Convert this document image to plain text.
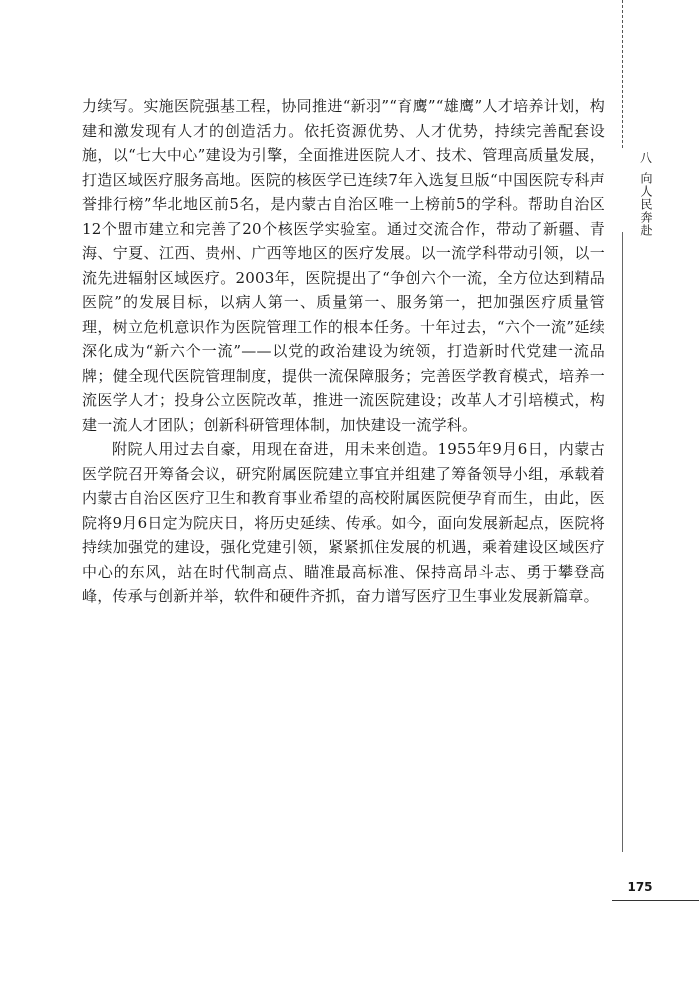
八
向人民奔赴

力续写。实施医院强基工程，协同推进“新羽”“育鹰”“雄鹰”人才培养计划，构建和激发现有人才的创造活力。依托资源优势、人才优势，持续完善配套设施，以“七大中心”建设为引擎，全面推进医院人才、技术、管理高质量发展，打造区域医疗服务高地。医院的核医学已连续7年入选复旦版“中国医院专科声誉排行榜”华北地区前5名，是内蒙古自治区唯一上榜前5的学科。帮助自治区12个盟市建立和完善了20个核医学实验室。通过交流合作，带动了新疆、青海、宁夏、江西、贵州、广西等地区的医疗发展。以一流学科带动引领，以一流先进辐射区域医疗。2003年，医院提出了“争创六个一流，全方位达到精品医院”的发展目标，以病人第一、质量第一、服务第一，把加强医疗质量管理，树立危机意识作为医院管理工作的根本任务。十年过去，“六个一流”延续深化成为“新六个一流”——以党的政治建设为统领，打造新时代党建一流品牌；健全现代医院管理制度，提供一流保障服务；完善医学教育模式，培养一流医学人才；投身公立医院改革，推进一流医院建设；改革人才引培模式，构建一流人才团队；创新科研管理体制，加快建设一流学科。

附院人用过去自豪，用现在奋进，用未来创造。1955年9月6日，内蒙古医学院召开筹备会议，研究附属医院建立事宜并组建了筹备领导小组，承载着内蒙古自治区医疗卫生和教育事业希望的高校附属医院便孕育而生，由此，医院将9月6日定为院庆日，将历史延续、传承。如今，面向发展新起点，医院将持续加强党的建设，强化党建引领，紧紧抓住发展的机遇，乘着建设区域医疗中心的东风，站在时代制高点、瞄准最高标准、保持高昂斗志、勇于攀登高峰，传承与创新并举，软件和硬件齐抓，奋力谱写医疗卫生事业发展新篇章。

175
